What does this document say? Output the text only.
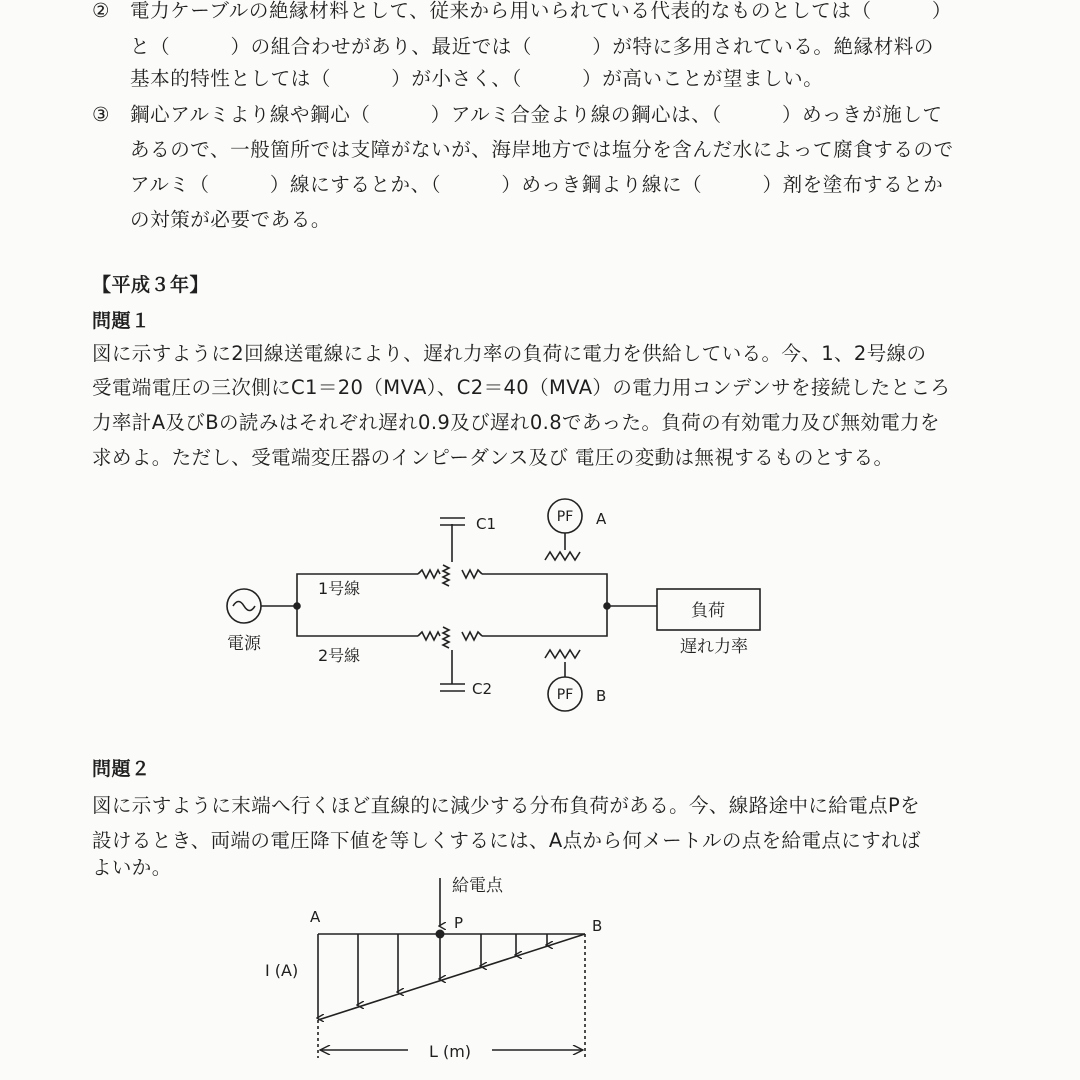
② 電力ケーブルの絶縁材料として、従来から用いられている代表的なものとしては（　　　）
と（　　　）の組合わせがあり、最近では（　　　）が特に多用されている。絶縁材料の
基本的特性としては（　　　）が小さく、（　　　）が高いことが望ましい。
③ 鋼心アルミより線や鋼心（　　　）アルミ合金より線の鋼心は、（　　　）めっきが施して
あるので、一般箇所では支障がないが、海岸地方では塩分を含んだ水によって腐食するので
アルミ（　　　）線にするとか、（　　　）めっき鋼より線に（　　　）剤を塗布するとか
の対策が必要である。
【平成３年】
問題１
図に示すように2回線送電線により、遅れ力率の負荷に電力を供給している。今、1、2号線の
受電端電圧の三次側にC1＝20（MVA）、C2＝40（MVA）の電力用コンデンサを接続したところ
力率計A及びBの読みはそれぞれ遅れ0.9及び遅れ0.8であった。負荷の有効電力及び無効電力を
求めよ。ただし、受電端変圧器のインピーダンス及び 電圧の変動は無視するものとする。
C1
C2
PF
PF
A
B
1号線
2号線
電源
負荷
遅れ力率
問題２
図に示すように末端へ行くほど直線的に減少する分布負荷がある。今、線路途中に給電点Pを
設けるとき、両端の電圧降下値を等しくするには、A点から何メートルの点を給電点にすれば
よいか。
給電点
A	P	B
I (A)
L (m)
